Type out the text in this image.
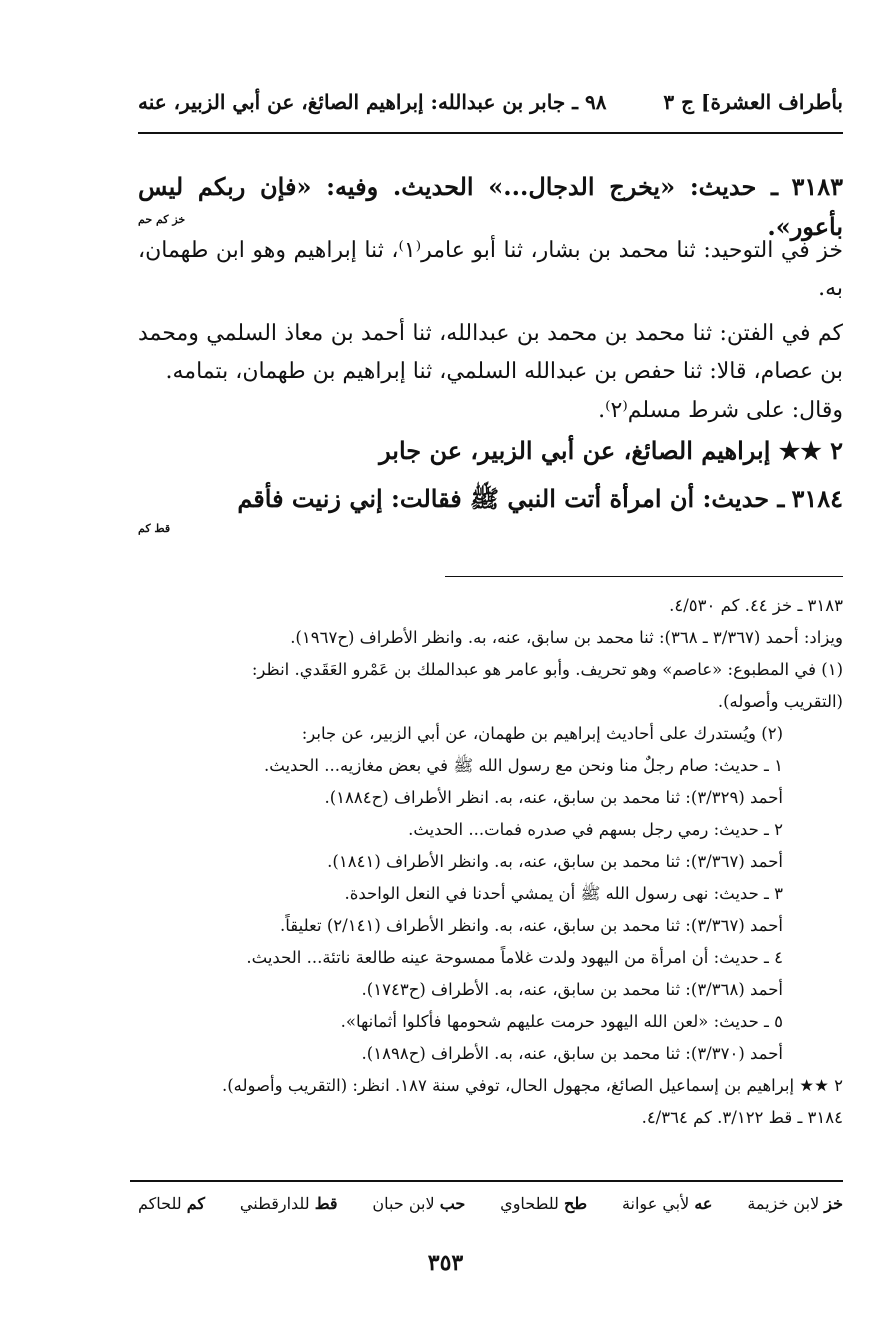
بأطراف العشرة] ج ٣
٩٨ ـ جابر بن عبدالله: إبراهيم الصائغ، عن أبي الزبير، عنه
٣١٨٣ ـ حديث: «يخرج الدجال...» الحديث. وفيه: «فإن ربكم ليس بأعور».
خز كم حم
خز في التوحيد: ثنا محمد بن بشار، ثنا أبو عامر⁽١⁾، ثنا إبراهيم وهو ابن طهمان، به.
كم في الفتن: ثنا محمد بن محمد بن عبدالله، ثنا أحمد بن معاذ السلمي ومحمد بن عصام، قالا: ثنا حفص بن عبدالله السلمي، ثنا إبراهيم بن طهمان، بتمامه.
وقال: على شرط مسلم⁽٢⁾.
٢ ★★ إبراهيم الصائغ، عن أبي الزبير، عن جابر
٣١٨٤ ـ حديث: أن امرأة أتت النبي ﷺ فقالت: إني زنيت فأقم
قط كم
٣١٨٣ ـ خز ٤٤. كم ٤/٥٣٠.
ويزاد: أحمد (٣/٣٦٧ ـ ٣٦٨): ثنا محمد بن سابق، عنه، به. وانظر الأطراف (ح١٩٦٧).
(١) في المطبوع: «عاصم» وهو تحريف. وأبو عامر هو عبدالملك بن عَمْرو العَقَدي. انظر:
(التقريب وأصوله).
(٢) ويُستدرك على أحاديث إبراهيم بن طهمان، عن أبي الزبير، عن جابر:
١ ـ حديث: صام رجلٌ منا ونحن مع رسول الله ﷺ في بعض مغازيه... الحديث.
أحمد (٣/٣٢٩): ثنا محمد بن سابق، عنه، به. انظر الأطراف (ح١٨٨٤).
٢ ـ حديث: رمي رجل بسهم في صدره فمات... الحديث.
أحمد (٣/٣٦٧): ثنا محمد بن سابق، عنه، به. وانظر الأطراف (١٨٤١).
٣ ـ حديث: نهى رسول الله ﷺ أن يمشي أحدنا في النعل الواحدة.
أحمد (٣/٣٦٧): ثنا محمد بن سابق، عنه، به. وانظر الأطراف (٢/١٤١) تعليقاً.
٤ ـ حديث: أن امرأة من اليهود ولدت غلاماً ممسوحة عينه طالعة ناتئة... الحديث.
أحمد (٣/٣٦٨): ثنا محمد بن سابق، عنه، به. الأطراف (ح١٧٤٣).
٥ ـ حديث: «لعن الله اليهود حرمت عليهم شحومها فأكلوا أثمانها».
أحمد (٣/٣٧٠): ثنا محمد بن سابق، عنه، به. الأطراف (ح١٨٩٨).
٢ ★★ إبراهيم بن إسماعيل الصائغ، مجهول الحال، توفي سنة ١٨٧. انظر: (التقريب وأصوله).
٣١٨٤ ـ قط ٣/١٢٢. كم ٤/٣٦٤.
خز لابن خزيمة
عه لأبي عوانة
طح للطحاوي
حب لابن حبان
قط للدارقطني
كم للحاكم
٣٥٣
